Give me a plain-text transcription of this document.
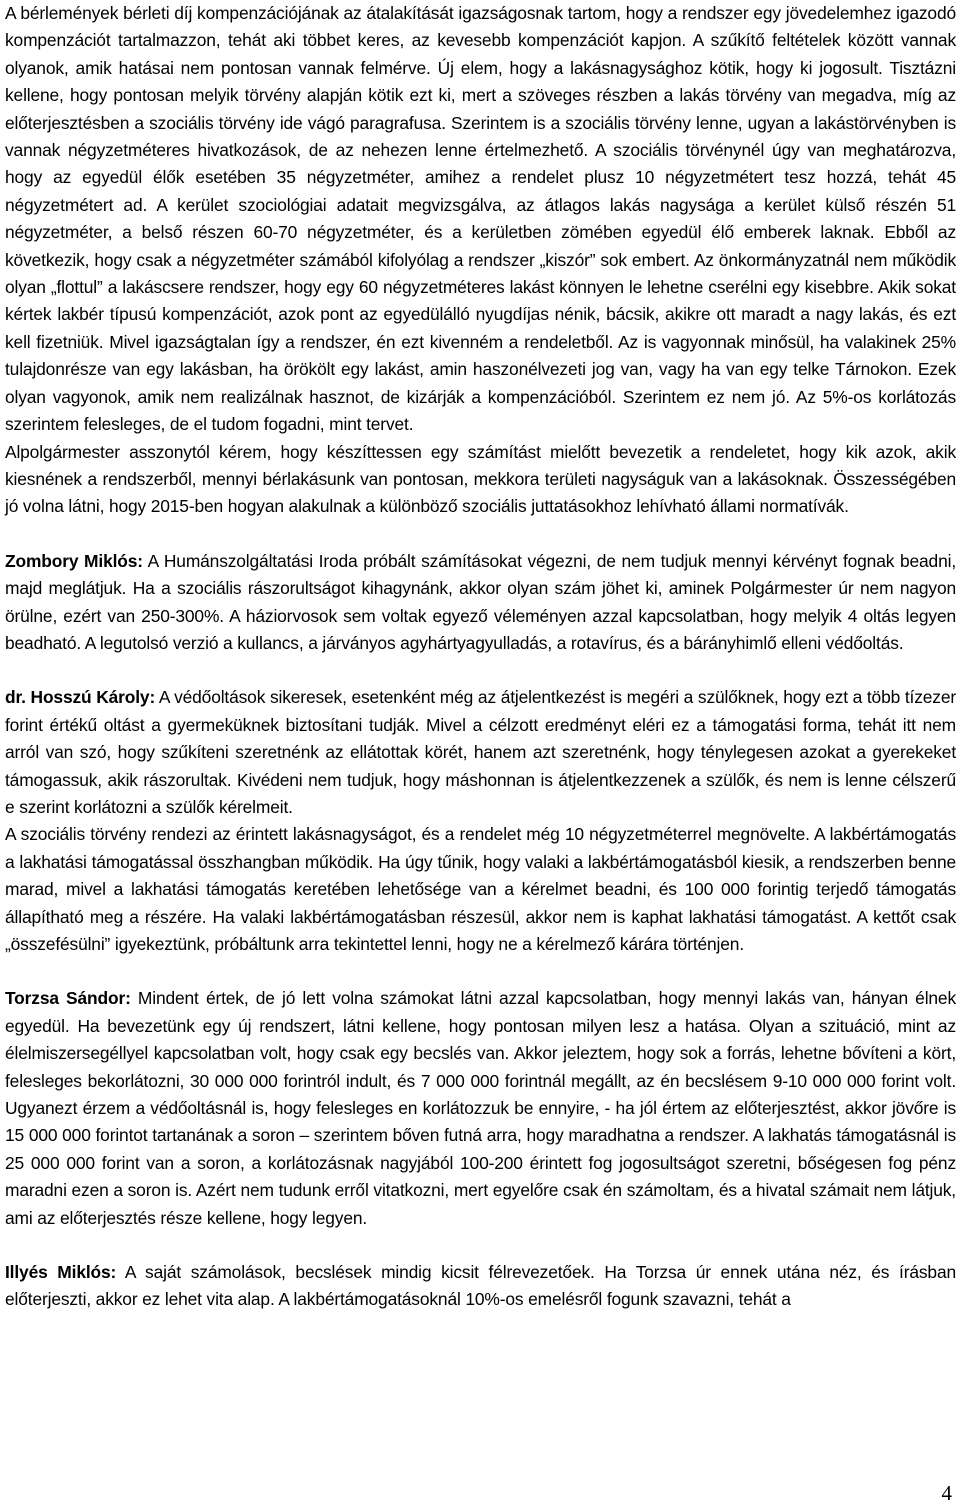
A bérlemények bérleti díj kompenzációjának az átalakítását igazságosnak tartom, hogy a rendszer egy jövedelemhez igazodó kompenzációt tartalmazzon, tehát aki többet keres, az kevesebb kompenzációt kapjon. A szűkítő feltételek között vannak olyanok, amik hatásai nem pontosan vannak felmérve. Új elem, hogy a lakásnagysághoz kötik, hogy ki jogosult. Tisztázni kellene, hogy pontosan melyik törvény alapján kötik ezt ki, mert a szöveges részben a lakás törvény van megadva, míg az előterjesztésben a szociális törvény ide vágó paragrafusa. Szerintem is a szociális törvény lenne, ugyan a lakástörvényben is vannak négyzetméteres hivatkozások, de az nehezen lenne értelmezhető. A szociális törvénynél úgy van meghatározva, hogy az egyedül élők esetében 35 négyzetméter, amihez a rendelet plusz 10 négyzetmétert tesz hozzá, tehát 45 négyzetmétert ad. A kerület szociológiai adatait megvizsgálva, az átlagos lakás nagysága a kerület külső részén 51 négyzetméter, a belső részen 60-70 négyzetméter, és a kerületben zömében egyedül élő emberek laknak. Ebből az következik, hogy csak a négyzetméter számából kifolyólag a rendszer „kiszór” sok embert. Az önkormányzatnál nem működik olyan „flottul” a lakáscsere rendszer, hogy egy 60 négyzetméteres lakást könnyen le lehetne cserélni egy kisebbre. Akik sokat kértek lakbér típusú kompenzációt, azok pont az egyedülálló nyugdíjas nénik, bácsik, akikre ott maradt a nagy lakás, és ezt kell fizetniük. Mivel igazságtalan így a rendszer, én ezt kivenném a rendeletből. Az is vagyonnak minősül, ha valakinek 25% tulajdonrésze van egy lakásban, ha örökölt egy lakást, amin haszonélvezeti jog van, vagy ha van egy telke Tárnokon. Ezek olyan vagyonok, amik nem realizálnak hasznot, de kizárják a kompenzációból. Szerintem ez nem jó. Az 5%-os korlátozás szerintem felesleges, de el tudom fogadni, mint tervet.

Alpolgármester asszonytól kérem, hogy készíttessen egy számítást mielőtt bevezetik a rendeletet, hogy kik azok, akik kiesnének a rendszerből, mennyi bérlakásunk van pontosan, mekkora területi nagyságuk van a lakásoknak. Összességében jó volna látni, hogy 2015-ben hogyan alakulnak a különböző szociális juttatásokhoz lehívható állami normatívák.

Zombory Miklós: A Humánszolgáltatási Iroda próbált számításokat végezni, de nem tudjuk mennyi kérvényt fognak beadni, majd meglátjuk. Ha a szociális rászorultságot kihagynánk, akkor olyan szám jöhet ki, aminek Polgármester úr nem nagyon örülne, ezért van 250-300%. A háziorvosok sem voltak egyező véleményen azzal kapcsolatban, hogy melyik 4 oltás legyen beadható. A legutolsó verzió a kullancs, a járványos agyhártyagyulladás, a rotavírus, és a bárányhimlő elleni védőoltás.

dr. Hosszú Károly: A védőoltások sikeresek, esetenként még az átjelentkezést is megéri a szülőknek, hogy ezt a több tízezer forint értékű oltást a gyermeküknek biztosítani tudják. Mivel a célzott eredményt eléri ez a támogatási forma, tehát itt nem arról van szó, hogy szűkíteni szeretnénk az ellátottak körét, hanem azt szeretnénk, hogy ténylegesen azokat a gyerekeket támogassuk, akik rászorultak. Kivédeni nem tudjuk, hogy máshonnan is átjelentkezzenek a szülők, és nem is lenne célszerű e szerint korlátozni a szülők kérelmeit.

A szociális törvény rendezi az érintett lakásnagyságot, és a rendelet még 10 négyzetméterrel megnövelte. A lakbértámogatás a lakhatási támogatással összhangban működik. Ha úgy tűnik, hogy valaki a lakbértámogatásból kiesik, a rendszerben benne marad, mivel a lakhatási támogatás keretében lehetősége van a kérelmet beadni, és 100 000 forintig terjedő támogatás állapítható meg a részére. Ha valaki lakbértámogatásban részesül, akkor nem is kaphat lakhatási támogatást. A kettőt csak „összefésülni” igyekeztünk, próbáltunk arra tekintettel lenni, hogy ne a kérelmező kárára történjen.

Torzsa Sándor: Mindent értek, de jó lett volna számokat látni azzal kapcsolatban, hogy mennyi lakás van, hányan élnek egyedül. Ha bevezetünk egy új rendszert, látni kellene, hogy pontosan milyen lesz a hatása. Olyan a szituáció, mint az élelmiszersegéllyel kapcsolatban volt, hogy csak egy becslés van. Akkor jeleztem, hogy sok a forrás, lehetne bővíteni a kört, felesleges bekorlátozni, 30 000 000 forintról indult, és 7 000 000 forintnál megállt, az én becslésem 9-10 000 000 forint volt. Ugyanezt érzem a védőoltásnál is, hogy felesleges en korlátozzuk be ennyire, - ha jól értem az előterjesztést, akkor jövőre is 15 000 000 forintot tartanának a soron – szerintem bőven futná arra, hogy maradhatna a rendszer. A lakhatás támogatásnál is 25 000 000 forint van a soron, a korlátozásnak nagyjából 100-200 érintett fog jogosultságot szeretni, bőségesen fog pénz maradni ezen a soron is. Azért nem tudunk erről vitatkozni, mert egyelőre csak én számoltam, és a hivatal számait nem látjuk, ami az előterjesztés része kellene, hogy legyen.

Illyés Miklós: A saját számolások, becslések mindig kicsit félrevezetőek. Ha Torzsa úr ennek utána néz, és írásban előterjeszti, akkor ez lehet vita alap. A lakbértámogatásoknál 10%-os emelésről fogunk szavazni, tehát a

4
